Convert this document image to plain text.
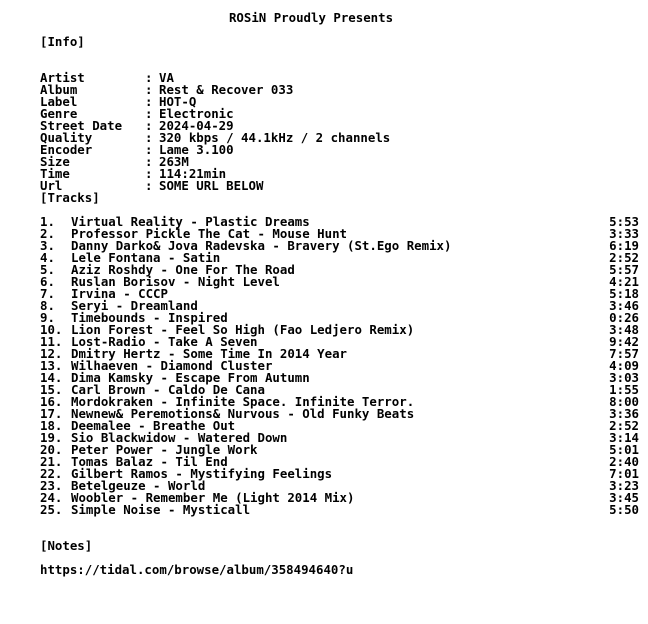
ROSiN Proudly Presents
[Info]

Artist	: VA

Album	: Rest & Recover 033

Label	: HOT-Q

Genre	: Electronic

Street Date : 2024-04-29

Quality	: 320 kbps / 44.1kHz / 2 channels

Encoder	: Lame 3.100

Size	: 263M

Time	: 114:21min

Url	: SOME URL BELOW

[Tracks]
1. Virtual Reality - Plastic Dreams	5:53
2. Professor Pickle The Cat - Mouse Hunt	3:33
3. Danny Darko& Jova Radevska - Bravery (St.Ego Remix)	6:19
4. Lele Fontana - Satin	2:52
5. Aziz Roshdy - One For The Road	5:57
6. Ruslan Borisov - Night Level	4:21
7. Irvina - CCCP	5:18
8. Seryi - Dreamland	3:46
9. Timebounds - Inspired	0:26
10. Lion Forest - Feel So High (Fao Ledjero Remix)	3:48
11. Lost-Radio - Take A Seven	9:42
12. Dmitry Hertz - Some Time In 2014 Year	7:57
13. Wilhaeven - Diamond Cluster	4:09
14. Dima Kamsky - Escape From Autumn	3:03
15. Carl Brown - Caldo De Cana	1:55
16. Mordokraken - Infinite Space. Infinite Terror.	8:00
17. Newnew& Peremotions& Nurvous - Old Funky Beats	3:36
18. Deemalee - Breathe Out	2:52
19. Sio Blackwidow - Watered Down	3:14
20. Peter Power - Jungle Work	5:01
21. Tomas Balaz - Til End	2:40
22. Gilbert Ramos - Mystifying Feelings	7:01
23. Betelgeuze - World	3:23
24. Woobler - Remember Me (Light 2014 Mix)	3:45
25. Simple Noise - Mysticall	5:50
[Notes]
https://tidal.com/browse/album/358494640?u
